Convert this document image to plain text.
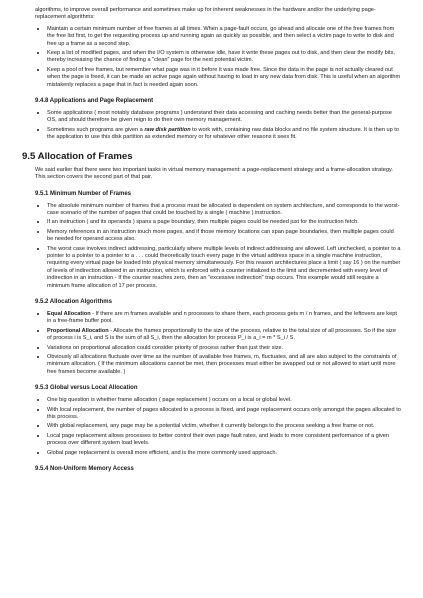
algorithms, to improve overall performance and sometimes make up for inherent weaknesses in the hardware and/or the underlying page-replacement algorithms:

• Maintain a certain minimum number of free frames at all times. When a page-fault occurs, go ahead and allocate one of the free frames from the free list first, to get the requesting process up and running again as quickly as possible, and then select a victim page to write to disk and free up a frame as a second step.
• Keep a list of modified pages, and when the I/O system is otherwise idle, have it write these pages out to disk, and then clear the modify bits, thereby increasing the chance of finding a "clean" page for the next potential victim.
• Keep a pool of free frames, but remember what page was in it before it was made free. Since the data in the page is not actually cleared out when the page is freed, it can be made an active page again without having to load in any new data from disk. This is useful when an algorithm mistakenly replaces a page that in fact is needed again soon.
9.4.8 Applications and Page Replacement
• Some applications ( most notably database programs ) understand their data accessing and caching needs better than the general-purpose OS, and should therefore be given reign to do their own memory management.
• Sometimes such programs are given a raw disk partition to work with, containing raw data blocks and no file system structure. It is then up to the application to use this disk partition as extended memory or for whatever other reasons it sees fit.
9.5 Allocation of Frames

We said earlier that there were two important tasks in virtual memory management: a page-replacement strategy and a frame-allocation strategy. This section covers the second part of that pair.

9.5.1 Minimum Number of Frames
• The absolute minimum number of frames that a process must be allocated is dependent on system architecture, and corresponds to the worst-case scenario of the number of pages that could be touched by a single ( machine ) instruction.
• If an instruction ( and its operands ) spans a page boundary, then multiple pages could be needed just for the instruction fetch.
• Memory references in an instruction touch more pages, and if those memory locations can span page boundaries, then multiple pages could be needed for operand access also.
• The worst case involves indirect addressing, particularly where multiple levels of indirect addressing are allowed. Left unchecked, a pointer to a pointer to a pointer to a pointer to a . . . could theoretically touch every page in the virtual address space in a single machine instruction, requiring every virtual page be loaded into physical memory simultaneously. For this reason architectures place a limit ( say 16 ) on the number of levels of indirection allowed in an instruction, which is enforced with a counter initialized to the limit and decremented with every level of indirection in an instruction - If the counter reaches zero, then an "excessive indirection" trap occurs. This example would still require a minimum frame allocation of 17 per process.
9.5.2 Allocation Algorithms
• Equal Allocation - If there are m frames available and n processes to share them, each process gets m / n frames, and the leftovers are kept in a free-frame buffer pool.
• Proportional Allocation - Allocate the frames proportionally to the size of the process, relative to the total size of all processes. So if the size of process i is S_i, and S is the sum of all S_i, then the allocation for process P_i is a_i = m * S_i / S.
• Variations on proportional allocation could consider priority of process rather than just their size.
• Obviously all allocations fluctuate over time as the number of available free frames, m, fluctuates, and all are also subject to the constraints of minimum allocation. ( If the minimum allocations cannot be met, then processes must either be swapped out or not allowed to start until more free frames become available. )
9.5.3 Global versus Local Allocation
• One big question is whether frame allocation ( page replacement ) occurs on a local or global level.
• With local replacement, the number of pages allocated to a process is fixed, and page replacement occurs only amongst the pages allocated to this process.
• With global replacement, any page may be a potential victim, whether it currently belongs to the process seeking a free frame or not.
• Local page replacement allows processes to better control their own page fault rates, and leads to more consistent performance of a given process over different system load levels.
• Global page replacement is overall more efficient, and is the more commonly used approach.
9.5.4 Non-Uniform Memory Access
